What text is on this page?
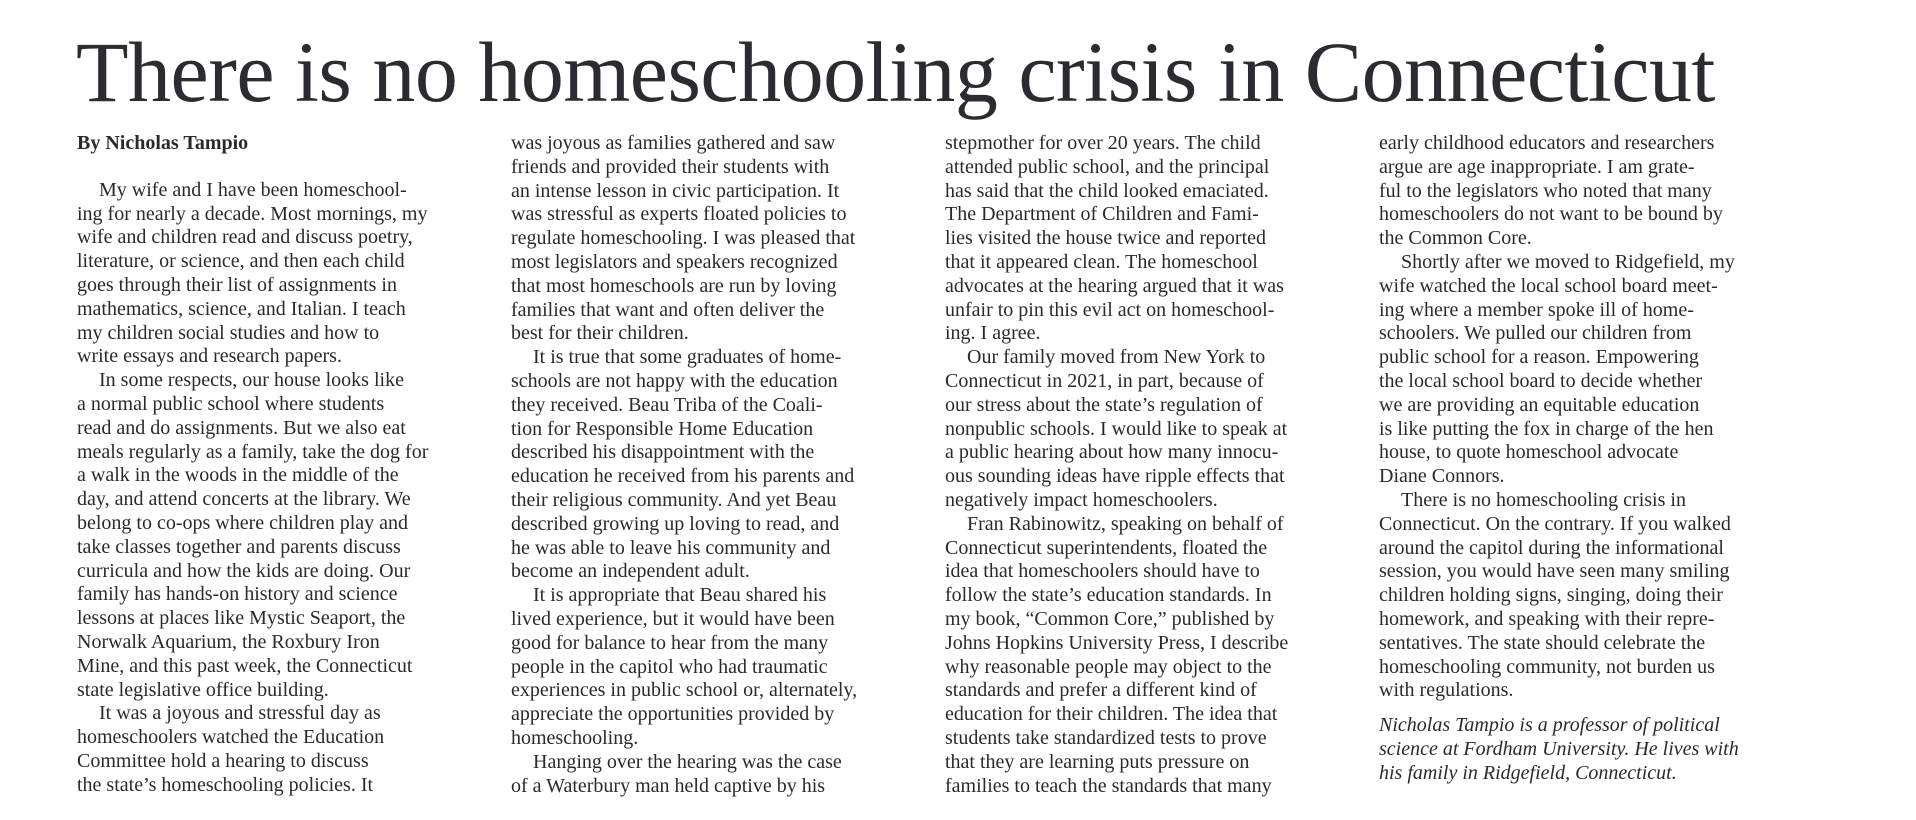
There is no homeschooling crisis in Connecticut
By Nicholas Tampio
My wife and I have been homeschool-
ing for nearly a decade. Most mornings, my
wife and children read and discuss poetry,
literature, or science, and then each child
goes through their list of assignments in
mathematics, science, and Italian. I teach
my children social studies and how to
write essays and research papers.
In some respects, our house looks like
a normal public school where students
read and do assignments. But we also eat
meals regularly as a family, take the dog for
a walk in the woods in the middle of the
day, and attend concerts at the library. We
belong to co-ops where children play and
take classes together and parents discuss
curricula and how the kids are doing. Our
family has hands-on history and science
lessons at places like Mystic Seaport, the
Norwalk Aquarium, the Roxbury Iron
Mine, and this past week, the Connecticut
state legislative office building.
It was a joyous and stressful day as
homeschoolers watched the Education
Committee hold a hearing to discuss
the state’s homeschooling policies. It
was joyous as families gathered and saw
friends and provided their students with
an intense lesson in civic participation. It
was stressful as experts floated policies to
regulate homeschooling. I was pleased that
most legislators and speakers recognized
that most homeschools are run by loving
families that want and often deliver the
best for their children.
It is true that some graduates of home-
schools are not happy with the education
they received. Beau Triba of the Coali-
tion for Responsible Home Education
described his disappointment with the
education he received from his parents and
their religious community. And yet Beau
described growing up loving to read, and
he was able to leave his community and
become an independent adult.
It is appropriate that Beau shared his
lived experience, but it would have been
good for balance to hear from the many
people in the capitol who had traumatic
experiences in public school or, alternately,
appreciate the opportunities provided by
homeschooling.
Hanging over the hearing was the case
of a Waterbury man held captive by his
stepmother for over 20 years. The child
attended public school, and the principal
has said that the child looked emaciated.
The Department of Children and Fami-
lies visited the house twice and reported
that it appeared clean. The homeschool
advocates at the hearing argued that it was
unfair to pin this evil act on homeschool-
ing. I agree.
Our family moved from New York to
Connecticut in 2021, in part, because of
our stress about the state’s regulation of
nonpublic schools. I would like to speak at
a public hearing about how many innocu-
ous sounding ideas have ripple effects that
negatively impact homeschoolers.
Fran Rabinowitz, speaking on behalf of
Connecticut superintendents, floated the
idea that homeschoolers should have to
follow the state’s education standards. In
my book, “Common Core,” published by
Johns Hopkins University Press, I describe
why reasonable people may object to the
standards and prefer a different kind of
education for their children. The idea that
students take standardized tests to prove
that they are learning puts pressure on
families to teach the standards that many
early childhood educators and researchers
argue are age inappropriate. I am grate-
ful to the legislators who noted that many
homeschoolers do not want to be bound by
the Common Core.
Shortly after we moved to Ridgefield, my
wife watched the local school board meet-
ing where a member spoke ill of home-
schoolers. We pulled our children from
public school for a reason. Empowering
the local school board to decide whether
we are providing an equitable education
is like putting the fox in charge of the hen
house, to quote homeschool advocate
Diane Connors.
There is no homeschooling crisis in
Connecticut. On the contrary. If you walked
around the capitol during the informational
session, you would have seen many smiling
children holding signs, singing, doing their
homework, and speaking with their repre-
sentatives. The state should celebrate the
homeschooling community, not burden us
with regulations.
Nicholas Tampio is a professor of political
science at Fordham University. He lives with
his family in Ridgefield, Connecticut.
